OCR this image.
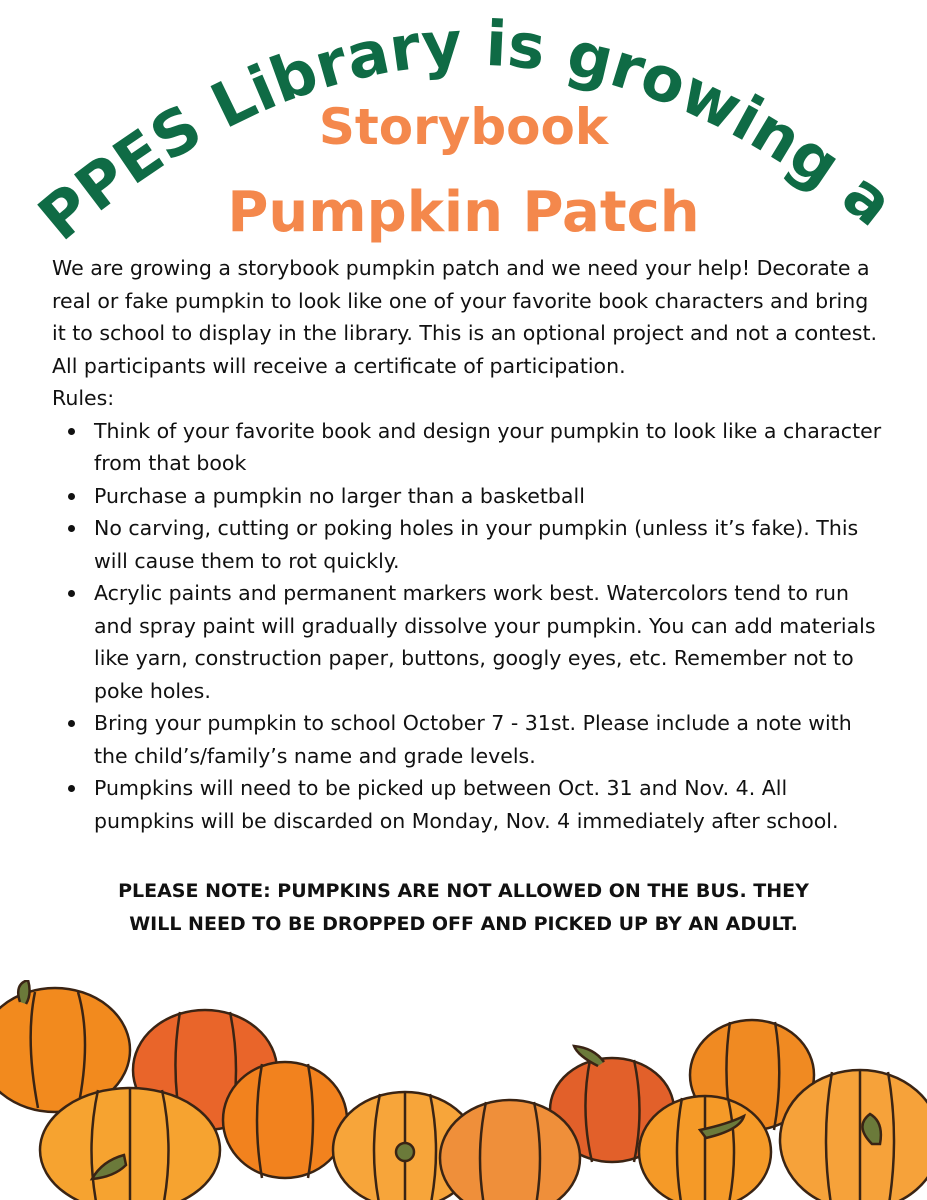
PPES Library is growing a
Storybook
Pumpkin Patch

We are growing a storybook pumpkin patch and we need your help! Decorate a real or fake pumpkin to look like one of your favorite book characters and bring it to school to display in the library. This is an optional project and not a contest. All participants will receive a certificate of participation.

Rules:

Think of your favorite book and design your pumpkin to look like a character from that book
Purchase a pumpkin no larger than a basketball
No carving, cutting or poking holes in your pumpkin (unless it’s fake). This will cause them to rot quickly.
Acrylic paints and permanent markers work best. Watercolors tend to run and spray paint will gradually dissolve your pumpkin. You can add materials like yarn, construction paper, buttons, googly eyes, etc. Remember not to poke holes.
Bring your pumpkin to school October 7 - 31st. Please include a note with the child’s/family’s name and grade levels.
Pumpkins will need to be picked up between Oct. 31 and Nov. 4. All pumpkins will be discarded on Monday, Nov. 4 immediately after school.
PLEASE NOTE: PUMPKINS ARE NOT ALLOWED ON THE BUS. THEY
WILL NEED TO BE DROPPED OFF AND PICKED UP BY AN ADULT.
